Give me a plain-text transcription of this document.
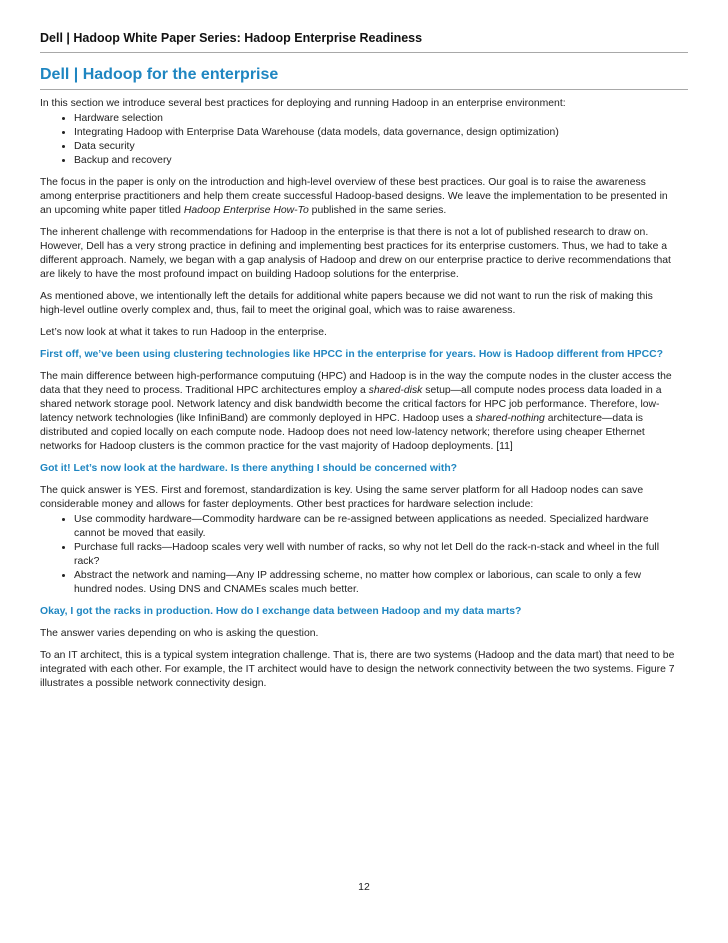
Dell | Hadoop White Paper Series: Hadoop Enterprise Readiness
Dell | Hadoop for the enterprise

In this section we introduce several best practices for deploying and running Hadoop in an enterprise environment:

• Hardware selection
• Integrating Hadoop with Enterprise Data Warehouse (data models, data governance, design optimization)
• Data security
• Backup and recovery

The focus in the paper is only on the introduction and high-level overview of these best practices. Our goal is to raise the awareness among enterprise practitioners and help them create successful Hadoop-based designs. We leave the implementation to be presented in an upcoming white paper titled Hadoop Enterprise How-To published in the same series.

The inherent challenge with recommendations for Hadoop in the enterprise is that there is not a lot of published research to draw on. However, Dell has a very strong practice in defining and implementing best practices for its enterprise customers. Thus, we had to take a different approach. Namely, we began with a gap analysis of Hadoop and drew on our enterprise practice to derive recommendations that are likely to have the most profound impact on building Hadoop solutions for the enterprise.

As mentioned above, we intentionally left the details for additional white papers because we did not want to run the risk of making this high-level outline overly complex and, thus, fail to meet the original goal, which was to raise awareness.

Let’s now look at what it takes to run Hadoop in the enterprise.

First off, we’ve been using clustering technologies like HPCC in the enterprise for years. How is Hadoop different from HPCC?

The main difference between high-performance computuing (HPC) and Hadoop is in the way the compute nodes in the cluster access the data that they need to process. Traditional HPC architectures employ a shared-disk setup—all compute nodes process data loaded in a shared network storage pool. Network latency and disk bandwidth become the critical factors for HPC job performance. Therefore, low-latency network technologies (like InfiniBand) are commonly deployed in HPC. Hadoop uses a shared-nothing architecture—data is distributed and copied locally on each compute node. Hadoop does not need low-latency network; therefore using cheaper Ethernet networks for Hadoop clusters is the common practice for the vast majority of Hadoop deployments. [11]

Got it! Let’s now look at the hardware. Is there anything I should be concerned with?

The quick answer is YES. First and foremost, standardization is key. Using the same server platform for all Hadoop nodes can save considerable money and allows for faster deployments. Other best practices for hardware selection include:

• Use commodity hardware—Commodity hardware can be re-assigned between applications as needed. Specialized hardware cannot be moved that easily.
• Purchase full racks—Hadoop scales very well with number of racks, so why not let Dell do the rack-n-stack and wheel in the full rack?
• Abstract the network and naming—Any IP addressing scheme, no matter how complex or laborious, can scale to only a few hundred nodes. Using DNS and CNAMEs scales much better.

Okay, I got the racks in production. How do I exchange data between Hadoop and my data marts?

The answer varies depending on who is asking the question.

To an IT architect, this is a typical system integration challenge. That is, there are two systems (Hadoop and the data mart) that need to be integrated with each other. For example, the IT architect would have to design the network connectivity between the two systems. Figure 7 illustrates a possible network connectivity design.

12
